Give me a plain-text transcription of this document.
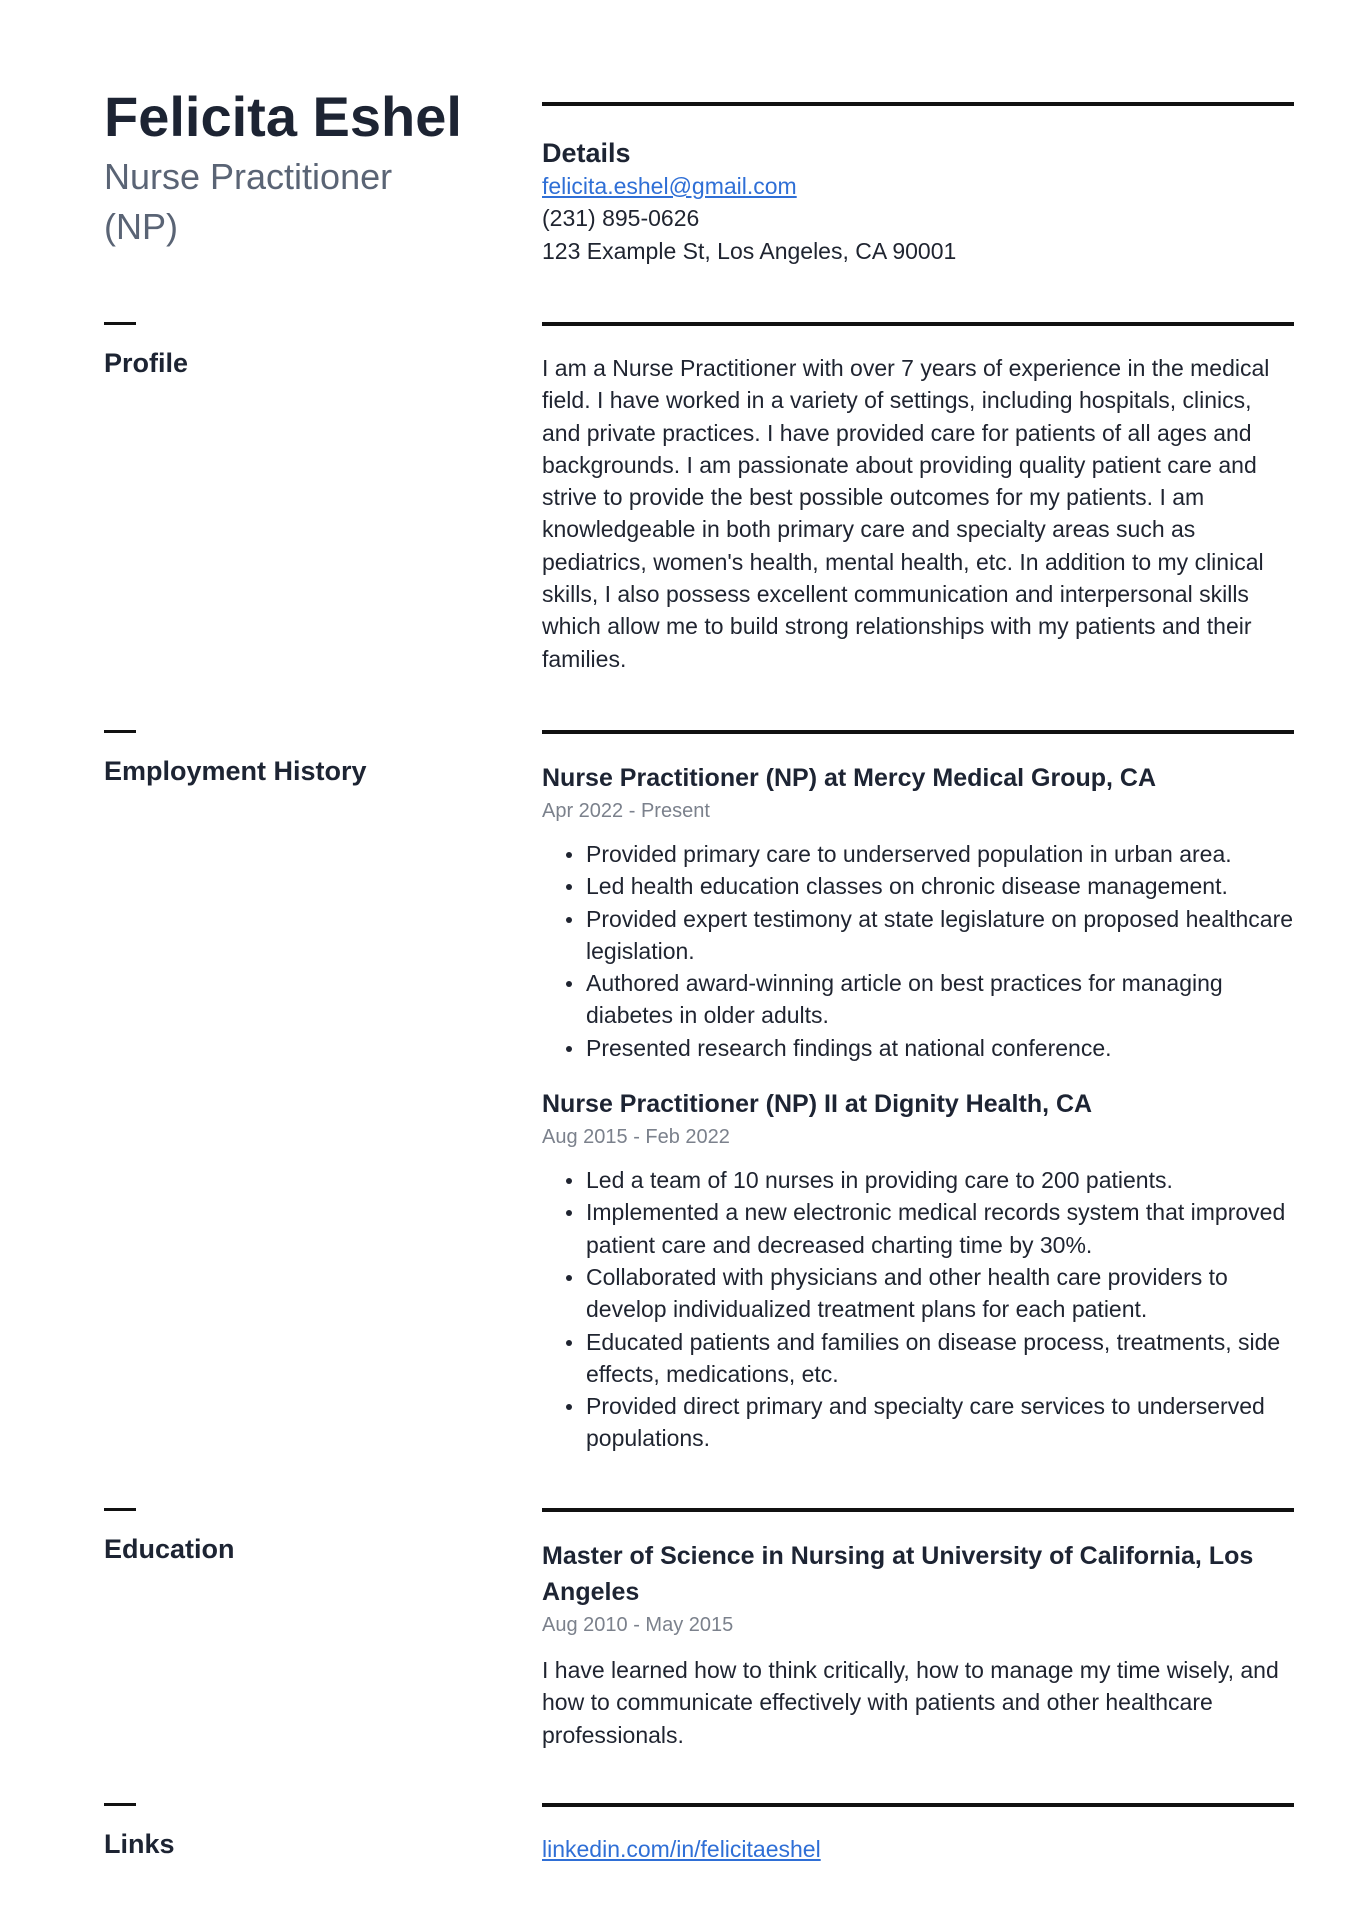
Felicita Eshel

Nurse Practitioner (NP)

Details

felicita.eshel@gmail.com

(231) 895-0626

123 Example St, Los Angeles, CA 90001

Profile	I am a Nurse Practitioner with over 7 years of experience in the medical field. I have worked in a variety of settings, including hospitals, clinics, and private practices. I have provided care for patients of all ages and backgrounds. I am passionate about providing quality patient care and strive to provide the best possible outcomes for my patients. I am knowledgeable in both primary care and specialty areas such as pediatrics, women's health, mental health, etc. In addition to my clinical skills, I also possess excellent communication and interpersonal skills which allow me to build strong relationships with my patients and their families.

Employment History	Nurse Practitioner (NP) at Mercy Medical Group, CA

Apr 2022 - Present

Provided primary care to underserved population in urban area.
Led health education classes on chronic disease management.
Provided expert testimony at state legislature on proposed healthcare legislation.
Authored award-winning article on best practices for managing diabetes in older adults.
Presented research findings at national conference.
Nurse Practitioner (NP) II at Dignity Health, CA

Aug 2015 - Feb 2022

Led a team of 10 nurses in providing care to 200 patients.
Implemented a new electronic medical records system that improved patient care and decreased charting time by 30%.
Collaborated with physicians and other health care providers to develop individualized treatment plans for each patient.
Educated patients and families on disease process, treatments, side effects, medications, etc.
Provided direct primary and specialty care services to underserved populations.
Education	Master of Science in Nursing at University of California, Los Angeles

Aug 2010 - May 2015

I have learned how to think critically, how to manage my time wisely, and how to communicate effectively with patients and other healthcare professionals.

Links	linkedin.com/in/felicitaeshel
